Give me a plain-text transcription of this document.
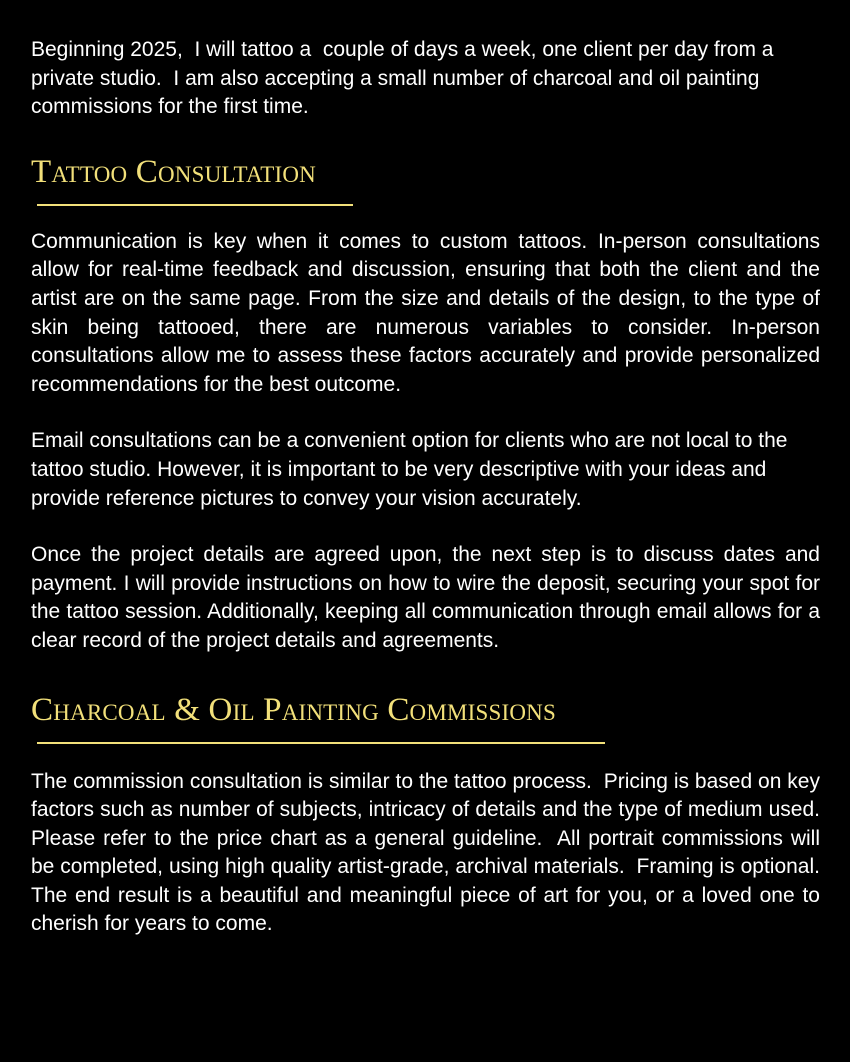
Beginning 2025,  I will tattoo a  couple of days a week, one client per day from a private studio.  I am also accepting a small number of charcoal and oil painting commissions for the first time.

Tattoo Consultation

Communication is key when it comes to custom tattoos. In-person consultations allow for real-time feedback and discussion, ensuring that both the client and the artist are on the same page. From the size and details of the design, to the type of skin being tattooed, there are numerous variables to consider. In-person consultations allow me to assess these factors accurately and provide personalized recommendations for the best outcome.

Email consultations can be a convenient option for clients who are not local to the tattoo studio. However, it is important to be very descriptive with your ideas and provide reference pictures to convey your vision accurately.

Once the project details are agreed upon, the next step is to discuss dates and payment. I will provide instructions on how to wire the deposit, securing your spot for the tattoo session. Additionally, keeping all communication through email allows for a clear record of the project details and agreements.

Charcoal & Oil Painting Commissions

The commission consultation is similar to the tattoo process.  Pricing is based on key factors such as number of subjects, intricacy of details and the type of medium used.  Please refer to the price chart as a general guideline.  All portrait commissions will be completed, using high quality artist-grade, archival materials.  Framing is optional.  The end result is a beautiful and meaningful piece of art for you, or a loved one to cherish for years to come.
